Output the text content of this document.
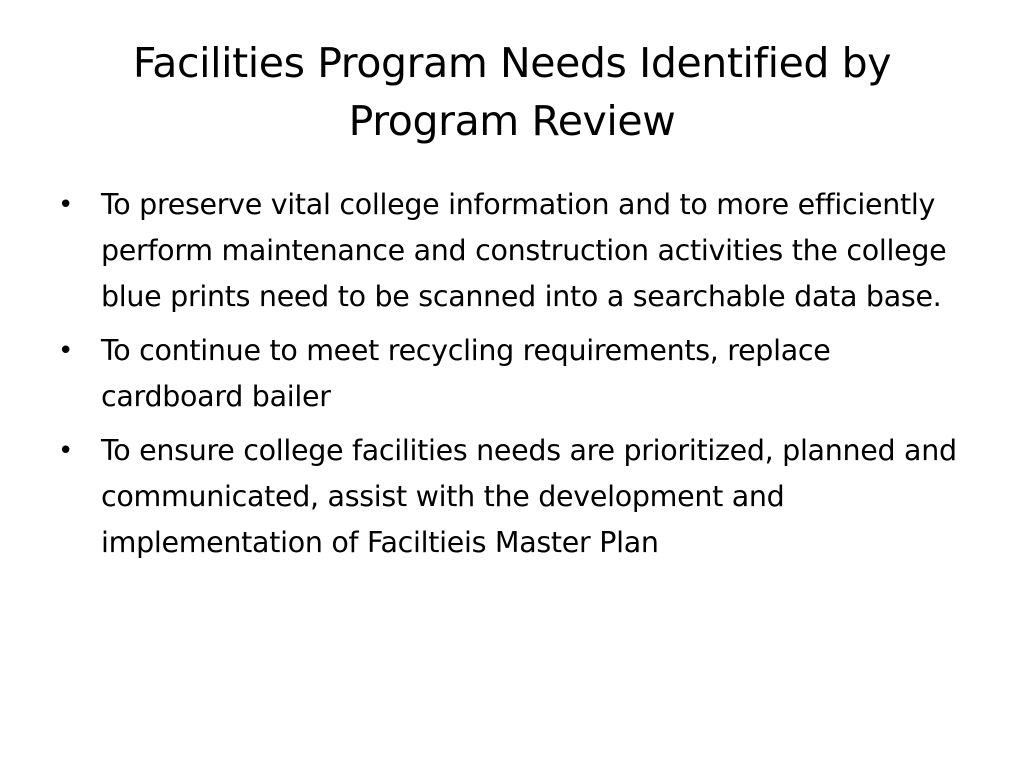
Facilities Program Needs Identified by Program Review
• To preserve vital college information and to more efficiently perform maintenance and construction activities the college blue prints need to be scanned into a searchable data base.
• To continue to meet recycling requirements, replace cardboard bailer
• To ensure college facilities needs are prioritized, planned and communicated, assist with the development and implementation of Faciltieis Master Plan
